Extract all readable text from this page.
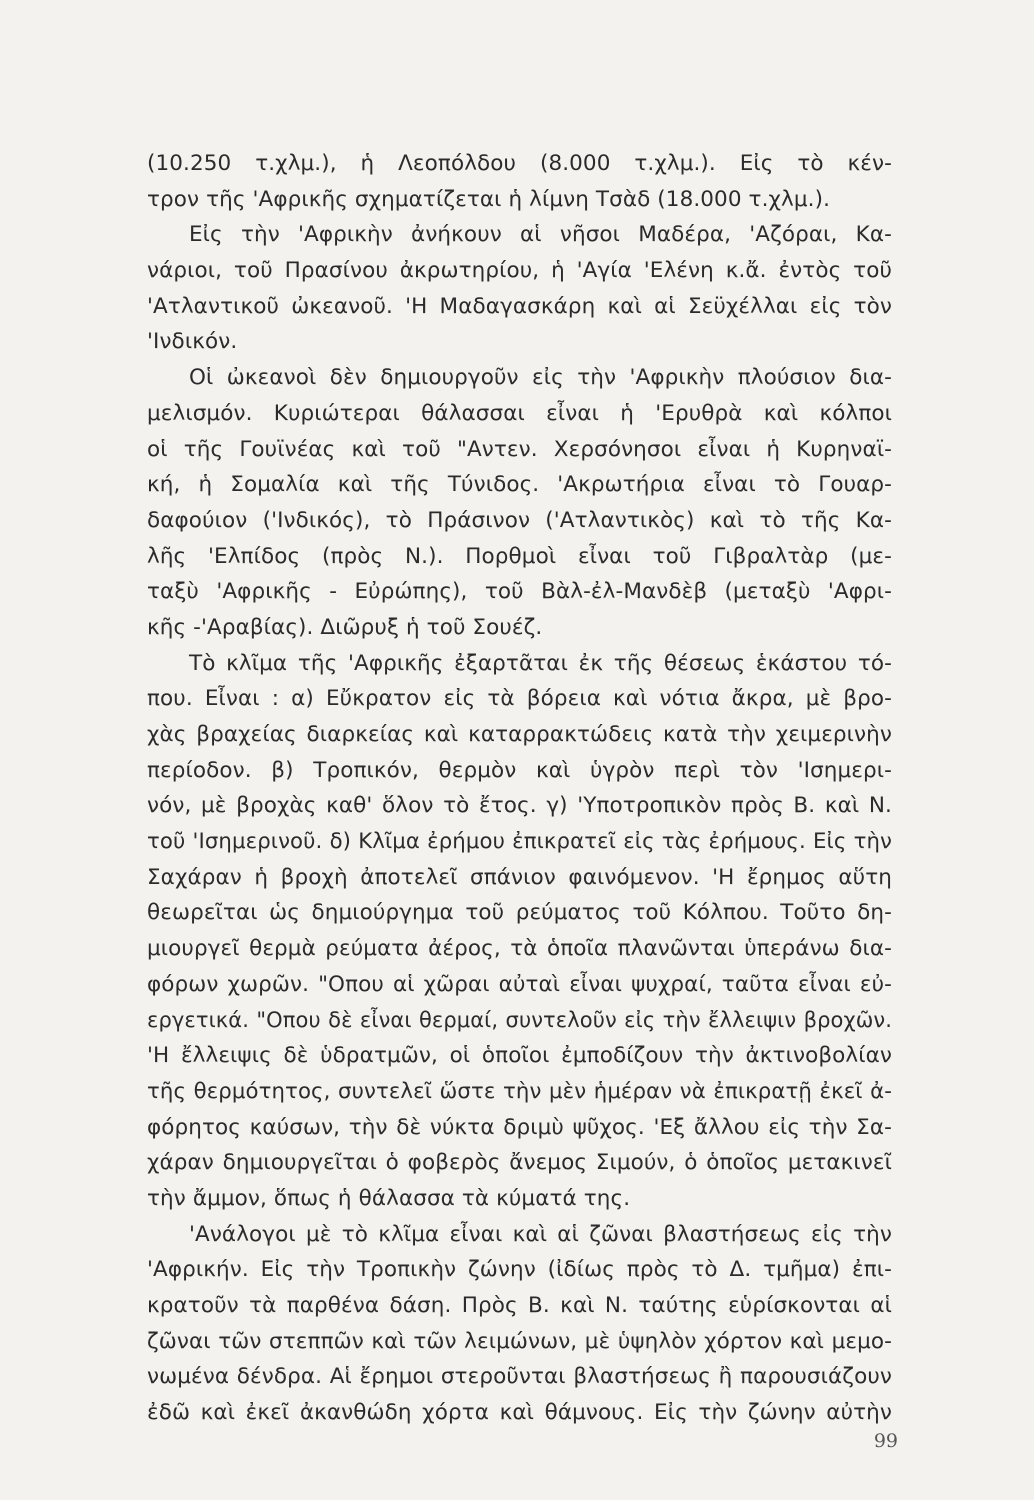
(10.250 τ.χλμ.), ἡ Λεοπόλδου (8.000 τ.χλμ.). Εἰς τὸ κέν-
τρον τῆς 'Αφρικῆς σχηματίζεται ἡ λίμνη Τσὰδ (18.000 τ.χλμ.).
Εἰς τὴν 'Αφρικὴν ἀνήκουν αἱ νῆσοι Μαδέρα, 'Αζόραι, Κα-
νάριοι, τοῦ Πρασίνου ἀκρωτηρίου, ἡ 'Αγία 'Ελένη κ.ἄ. ἐντὸς τοῦ
'Ατλαντικοῦ ὠκεανοῦ. 'Η Μαδαγασκάρη καὶ αἱ Σεϋχέλλαι εἰς τὸν
'Ινδικόν.
Οἱ ὠκεανοὶ δὲν δημιουργοῦν εἰς τὴν 'Αφρικὴν πλούσιον δια-
μελισμόν. Κυριώτεραι θάλασσαι εἶναι ἡ 'Ερυθρὰ καὶ κόλποι
οἱ τῆς Γουϊνέας καὶ τοῦ "Αντεν. Χερσόνησοι εἶναι ἡ Κυρηναϊ-
κή, ἡ Σομαλία καὶ τῆς Τύνιδος. 'Ακρωτήρια εἶναι τὸ Γουαρ-
δαφούιον ('Ινδικός), τὸ Πράσινον ('Ατλαντικὸς) καὶ τὸ τῆς Κα-
λῆς 'Ελπίδος (πρὸς Ν.). Πορθμοὶ εἶναι τοῦ Γιβραλτὰρ (με-
ταξὺ 'Αφρικῆς - Εὐρώπης), τοῦ Βὰλ-ἐλ-Μανδὲβ (μεταξὺ 'Αφρι-
κῆς -'Αραβίας). Διῶρυξ ἡ τοῦ Σουέζ.
Τὸ κλῖμα τῆς 'Αφρικῆς ἐξαρτᾶται ἐκ τῆς θέσεως ἑκάστου τό-
που. Εἶναι : α) Εὔκρατον εἰς τὰ βόρεια καὶ νότια ἄκρα, μὲ βρο-
χὰς βραχείας διαρκείας καὶ καταρρακτώδεις κατὰ τὴν χειμερινὴν
περίοδον. β) Τροπικόν, θερμὸν καὶ ὑγρὸν περὶ τὸν 'Ισημερι-
νόν, μὲ βροχὰς καθ' ὅλον τὸ ἔτος. γ) 'Υποτροπικὸν πρὸς Β. καὶ Ν.
τοῦ 'Ισημερινοῦ. δ) Κλῖμα ἐρήμου ἐπικρατεῖ εἰς τὰς ἐρήμους. Εἰς τὴν
Σαχάραν ἡ βροχὴ ἀποτελεῖ σπάνιον φαινόμενον. 'Η ἔρημος αὕτη
θεωρεῖται ὡς δημιούργημα τοῦ ρεύματος τοῦ Κόλπου. Τοῦτο δη-
μιουργεῖ θερμὰ ρεύματα ἀέρος, τὰ ὁποῖα πλανῶνται ὑπεράνω δια-
φόρων χωρῶν. "Οπου αἱ χῶραι αὐταὶ εἶναι ψυχραί, ταῦτα εἶναι εὐ-
εργετικά. "Οπου δὲ εἶναι θερμαί, συντελοῦν εἰς τὴν ἔλλειψιν βροχῶν.
'Η ἔλλειψις δὲ ὑδρατμῶν, οἱ ὁποῖοι ἐμποδίζουν τὴν ἀκτινοβολίαν
τῆς θερμότητος, συντελεῖ ὥστε τὴν μὲν ἡμέραν νὰ ἐπικρατῇ ἐκεῖ ἀ-
φόρητος καύσων, τὴν δὲ νύκτα δριμὺ ψῦχος. 'Εξ ἄλλου εἰς τὴν Σα-
χάραν δημιουργεῖται ὁ φοβερὸς ἄνεμος Σιμούν, ὁ ὁποῖος μετακινεῖ
τὴν ἄμμον, ὅπως ἡ θάλασσα τὰ κύματά της.
'Ανάλογοι μὲ τὸ κλῖμα εἶναι καὶ αἱ ζῶναι βλαστήσεως εἰς τὴν
'Αφρικήν. Εἰς τὴν Τροπικὴν ζώνην (ἰδίως πρὸς τὸ Δ. τμῆμα) ἐπι-
κρατοῦν τὰ παρθένα δάση. Πρὸς Β. καὶ Ν. ταύτης εὑρίσκονται αἱ
ζῶναι τῶν στεππῶν καὶ τῶν λειμώνων, μὲ ὑψηλὸν χόρτον καὶ μεμο-
νωμένα δένδρα. Αἱ ἔρημοι στεροῦνται βλαστήσεως ἢ παρουσιάζουν
ἐδῶ καὶ ἐκεῖ ἀκανθώδη χόρτα καὶ θάμνους. Εἰς τὴν ζώνην αὐτὴν
99
